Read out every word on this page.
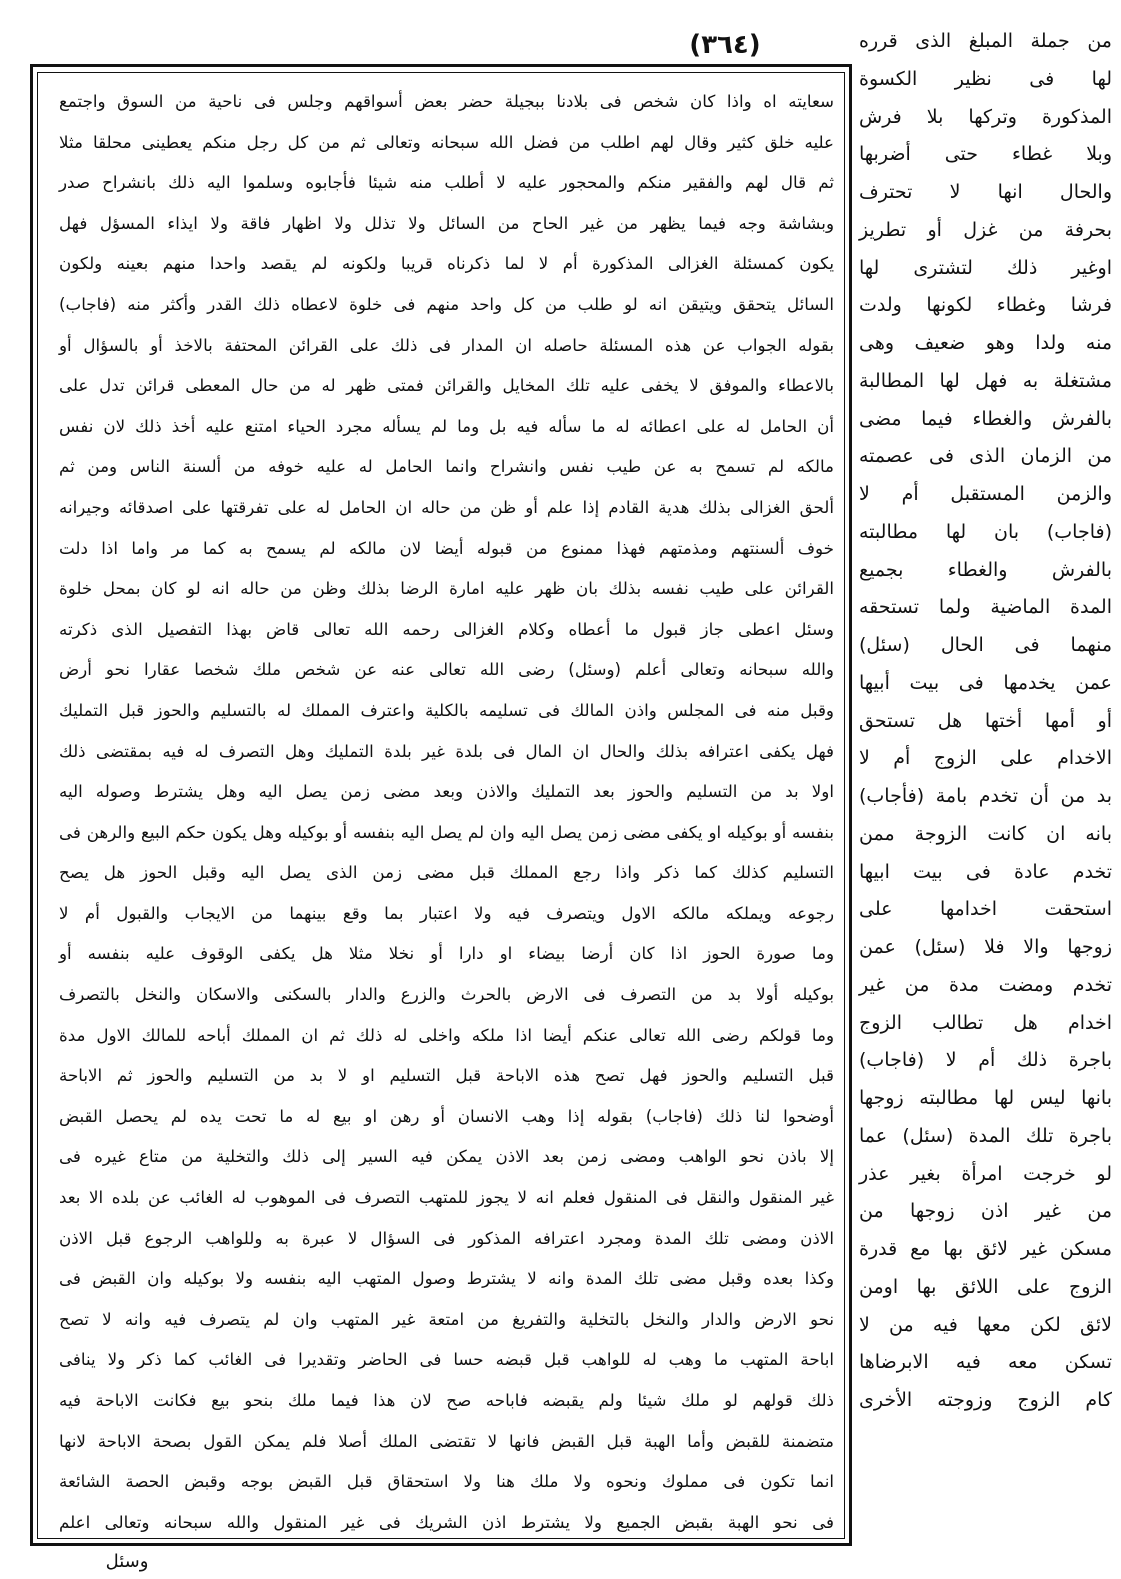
(٣٦٤)	من جملة المبلغ الذى قرره
لها فى نظير الكسوة
المذكورة وتركها بلا فرش
وبلا غطاء حتى أضربها
والحال انها لا تحترف
بحرفة من غزل أو تطريز
اوغير ذلك لتشترى لها
فرشا وغطاء لكونها ولدت
منه ولدا وهو ضعيف وهى
مشتغلة به فهل لها المطالبة
بالفرش والغطاء فيما مضى
من الزمان الذى فى عصمته
والزمن المستقبل أم لا
(فاجاب) بان لها مطالبته
بالفرش والغطاء بجميع
المدة الماضية ولما تستحقه
منهما فى الحال (سئل)
عمن يخدمها فى بيت أبيها
أو أمها أختها هل تستحق
الاخدام على الزوج أم لا
بد من أن تخدم بامة (فأجاب)
بانه ان كانت الزوجة ممن
تخدم عادة فى بيت ابيها
استحقت اخدامها على
زوجها والا فلا (سئل) عمن
تخدم ومضت مدة من غير
اخدام هل تطالب الزوج
باجرة ذلك أم لا (فاجاب)
بانها ليس لها مطالبته زوجها
باجرة تلك المدة (سئل) عما
لو خرجت امرأة بغير عذر
من غير اذن زوجها من
مسكن غير لائق بها مع قدرة
الزوج على اللائق بها اومن
لائق لكن معها فيه من لا
تسكن معه فيه الابرضاها
كام الزوج وزوجته الأخرى
سعايته اه واذا كان شخص فى بلادنا ببجيلة حضر بعض أسواقهم وجلس فى ناحية من السوق واجتمع
عليه خلق كثير وقال لهم اطلب من فضل الله سبحانه وتعالى ثم من كل رجل منكم يعطينى محلقا مثلا
ثم قال لهم والفقير منكم والمحجور عليه لا أطلب منه شيئا فأجابوه وسلموا اليه ذلك بانشراح صدر
وبشاشة وجه فيما يظهر من غير الحاح من السائل ولا تذلل ولا اظهار فاقة ولا ايذاء المسؤل فهل
يكون كمسئلة الغزالى المذكورة أم لا لما ذكرناه قريبا ولكونه لم يقصد واحدا منهم بعينه ولكون
السائل يتحقق ويتيقن انه لو طلب من كل واحد منهم فى خلوة لاعطاه ذلك القدر وأكثر منه (فاجاب)
بقوله الجواب عن هذه المسئلة حاصله ان المدار فى ذلك على القرائن المحتفة بالاخذ أو بالسؤال أو
بالاعطاء والموفق لا يخفى عليه تلك المخايل والقرائن فمتى ظهر له من حال المعطى قرائن تدل على
أن الحامل له على اعطائه له ما سأله فيه بل وما لم يسأله مجرد الحياء امتنع عليه أخذ ذلك لان نفس
مالكه لم تسمح به عن طيب نفس وانشراح وانما الحامل له عليه خوفه من ألسنة الناس ومن ثم
ألحق الغزالى بذلك هدية القادم إذا علم أو ظن من حاله ان الحامل له على تفرقتها على اصدقائه وجيرانه
خوف ألسنتهم ومذمتهم فهذا ممنوع من قبوله أيضا لان مالكه لم يسمح به كما مر واما اذا دلت
القرائن على طيب نفسه بذلك بان ظهر عليه امارة الرضا بذلك وظن من حاله انه لو كان بمحل خلوة
وسئل اعطى جاز قبول ما أعطاه وكلام الغزالى رحمه الله تعالى قاض بهذا التفصيل الذى ذكرته
والله سبحانه وتعالى أعلم (وسئل) رضى الله تعالى عنه عن شخص ملك شخصا عقارا نحو أرض
وقبل منه فى المجلس واذن المالك فى تسليمه بالكلية واعترف المملك له بالتسليم والحوز قبل التمليك
فهل يكفى اعترافه بذلك والحال ان المال فى بلدة غير بلدة التمليك وهل التصرف له فيه بمقتضى ذلك
اولا بد من التسليم والحوز بعد التمليك والاذن وبعد مضى زمن يصل اليه وهل يشترط وصوله اليه
بنفسه أو بوكيله او يكفى مضى زمن يصل اليه وان لم يصل اليه بنفسه أو بوكيله وهل يكون حكم البيع والرهن فى
التسليم كذلك كما ذكر واذا رجع المملك قبل مضى زمن الذى يصل اليه وقبل الحوز هل يصح
رجوعه ويملكه مالكه الاول ويتصرف فيه ولا اعتبار بما وقع بينهما من الايجاب والقبول أم لا
وما صورة الحوز اذا كان أرضا بيضاء او دارا أو نخلا مثلا هل يكفى الوقوف عليه بنفسه أو
بوكيله أولا بد من التصرف فى الارض بالحرث والزرع والدار بالسكنى والاسكان والنخل بالتصرف
وما قولكم رضى الله تعالى عنكم أيضا اذا ملكه واخلى له ذلك ثم ان المملك أباحه للمالك الاول مدة
قبل التسليم والحوز فهل تصح هذه الاباحة قبل التسليم او لا بد من التسليم والحوز ثم الاباحة
أوضحوا لنا ذلك (فاجاب) بقوله إذا وهب الانسان أو رهن او بيع له ما تحت يده لم يحصل القبض
إلا باذن نحو الواهب ومضى زمن بعد الاذن يمكن فيه السير إلى ذلك والتخلية من متاع غيره فى
غير المنقول والنقل فى المنقول فعلم انه لا يجوز للمتهب التصرف فى الموهوب له الغائب عن بلده الا بعد
الاذن ومضى تلك المدة ومجرد اعترافه المذكور فى السؤال لا عبرة به وللواهب الرجوع قبل الاذن
وكذا بعده وقبل مضى تلك المدة وانه لا يشترط وصول المتهب اليه بنفسه ولا بوكيله وان القبض فى
نحو الارض والدار والنخل بالتخلية والتفريغ من امتعة غير المتهب وان لم يتصرف فيه وانه لا تصح
اباحة المتهب ما وهب له للواهب قبل قبضه حسا فى الحاضر وتقديرا فى الغائب كما ذكر ولا ينافى
ذلك قولهم لو ملك شيئا ولم يقبضه فاباحه صح لان هذا فيما ملك بنحو بيع فكانت الاباحة فيه
متضمنة للقبض وأما الهبة قبل القبض فانها لا تقتضى الملك أصلا فلم يمكن القول بصحة الاباحة لانها
انما تكون فى مملوك ونحوه ولا ملك هنا ولا استحقاق قبل القبض بوجه وقبض الحصة الشائعة
فى نحو الهبة بقبض الجميع ولا يشترط اذن الشريك فى غير المنقول والله سبحانه وتعالى اعلم
وسئل
